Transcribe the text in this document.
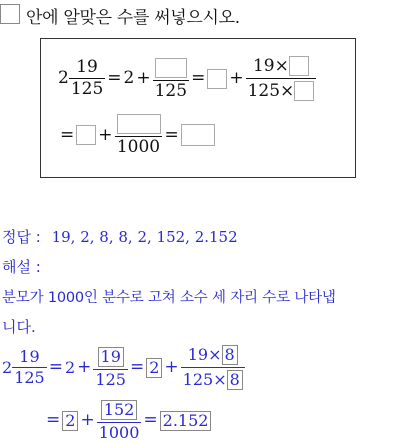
안에 알맞은 수를 써넣으시오.
$2 \frac{19}{125} = 2$ +
125
= + $\frac{19 \times}{125 \times}$
= +
1000
=
정답 : 19, 2, 8, 8, 2, 152, 2.152
해설 :
분모가 1000인 분수로 고쳐 소수 세 자리 수로 나타냅
니다.
$2 \frac{19}{125} = 2 + \frac{19}{125} = 2 + \frac{19 \times 8}{125 \times 8}$
= $2 + \frac{152}{1000} = 2.152$
